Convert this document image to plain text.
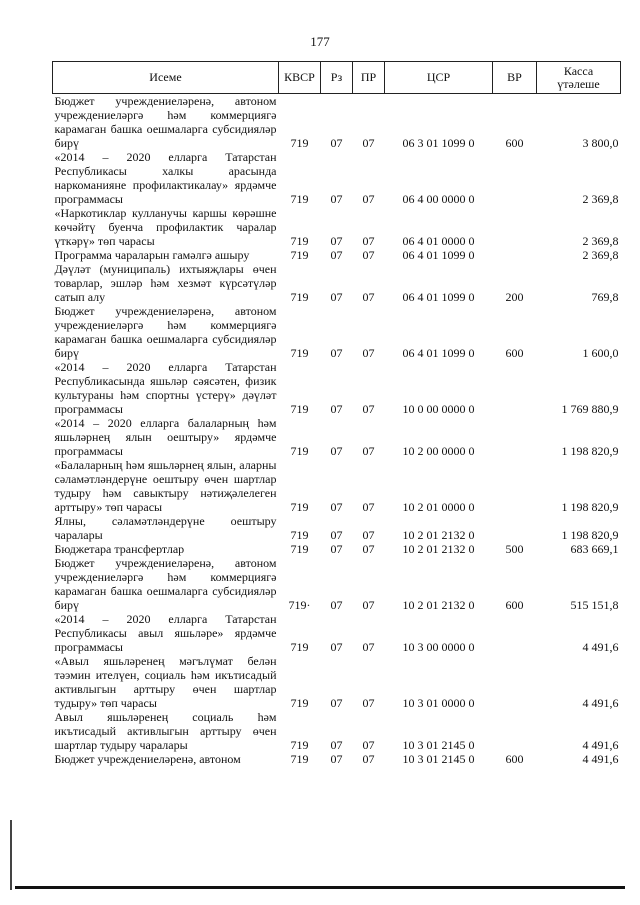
177
Исеме	КВСР	Рз	ПР	ЦСР	ВР	Касса
үтәлеше

Бюджет учреждениеләренә, автоном учреждениеләргә һәм коммерциягә карамаган башка оешмаларга субсидияләр бирү	719	07	07	06 3 01 1099 0	600	3 800,0
«2014 – 2020 елларга Татарстан Республикасы халкы арасында наркоманияне профилактикалау» ярдәмче программасы	719	07	07	06 4 00 0000 0		2 369,8
«Наркотиклар кулланучы каршы көрәшне көчәйтү буенча профилактик чаралар үткәрү» төп чарасы	719	07	07	06 4 01 0000 0		2 369,8
Программа чараларын гамәлгә ашыру	719	07	07	06 4 01 1099 0		2 369,8
Дәүләт (муниципаль) ихтыяҗлары өчен товарлар, эшләр һәм хезмәт күрсәтүләр сатып алу	719	07	07	06 4 01 1099 0	200	769,8
Бюджет учреждениеләренә, автоном учреждениеләргә һәм коммерциягә карамаган башка оешмаларга субсидияләр бирү	719	07	07	06 4 01 1099 0	600	1 600,0
«2014 – 2020 елларга Татарстан Республикасында яшьләр сәясәтен, физик культураны һәм спортны үстерү» дәүләт программасы	719	07	07	10 0 00 0000 0		1 769 880,9
«2014 – 2020 елларга балаларның һәм яшьләрнең ялын оештыру» ярдәмче программасы	719	07	07	10 2 00 0000 0		1 198 820,9
«Балаларның һәм яшьләрнең ялын, аларны сәламәтләндерүне оештыру өчен шартлар тудыру һәм савыктыру нәтиҗәлелеген арттыру» төп чарасы	719	07	07	10 2 01 0000 0		1 198 820,9
Ялны, сәламәтләндерүне оештыру чаралары	719	07	07	10 2 01 2132 0		1 198 820,9
Бюджетара трансфертлар	719	07	07	10 2 01 2132 0	500	683 669,1
Бюджет учреждениеләренә, автоном учреждениеләргә һәм коммерциягә карамаган башка оешмаларга субсидияләр бирү	719·	07	07	10 2 01 2132 0	600	515 151,8
«2014 – 2020 елларга Татарстан Республикасы авыл яшьләре» ярдәмче программасы	719	07	07	10 3 00 0000 0		4 491,6
«Авыл яшьләренең мәгълүмат белән тәэмин ителүен, социаль һәм икътисадый активлыгын арттыру өчен шартлар тудыру» төп чарасы	719	07	07	10 3 01 0000 0		4 491,6
Авыл яшьләренең социаль һәм икътисадый активлыгын арттыру өчен шартлар тудыру чаралары	719	07	07	10 3 01 2145 0		4 491,6
Бюджет учреждениеләренә, автоном	719	07	07	10 3 01 2145 0	600	4 491,6
